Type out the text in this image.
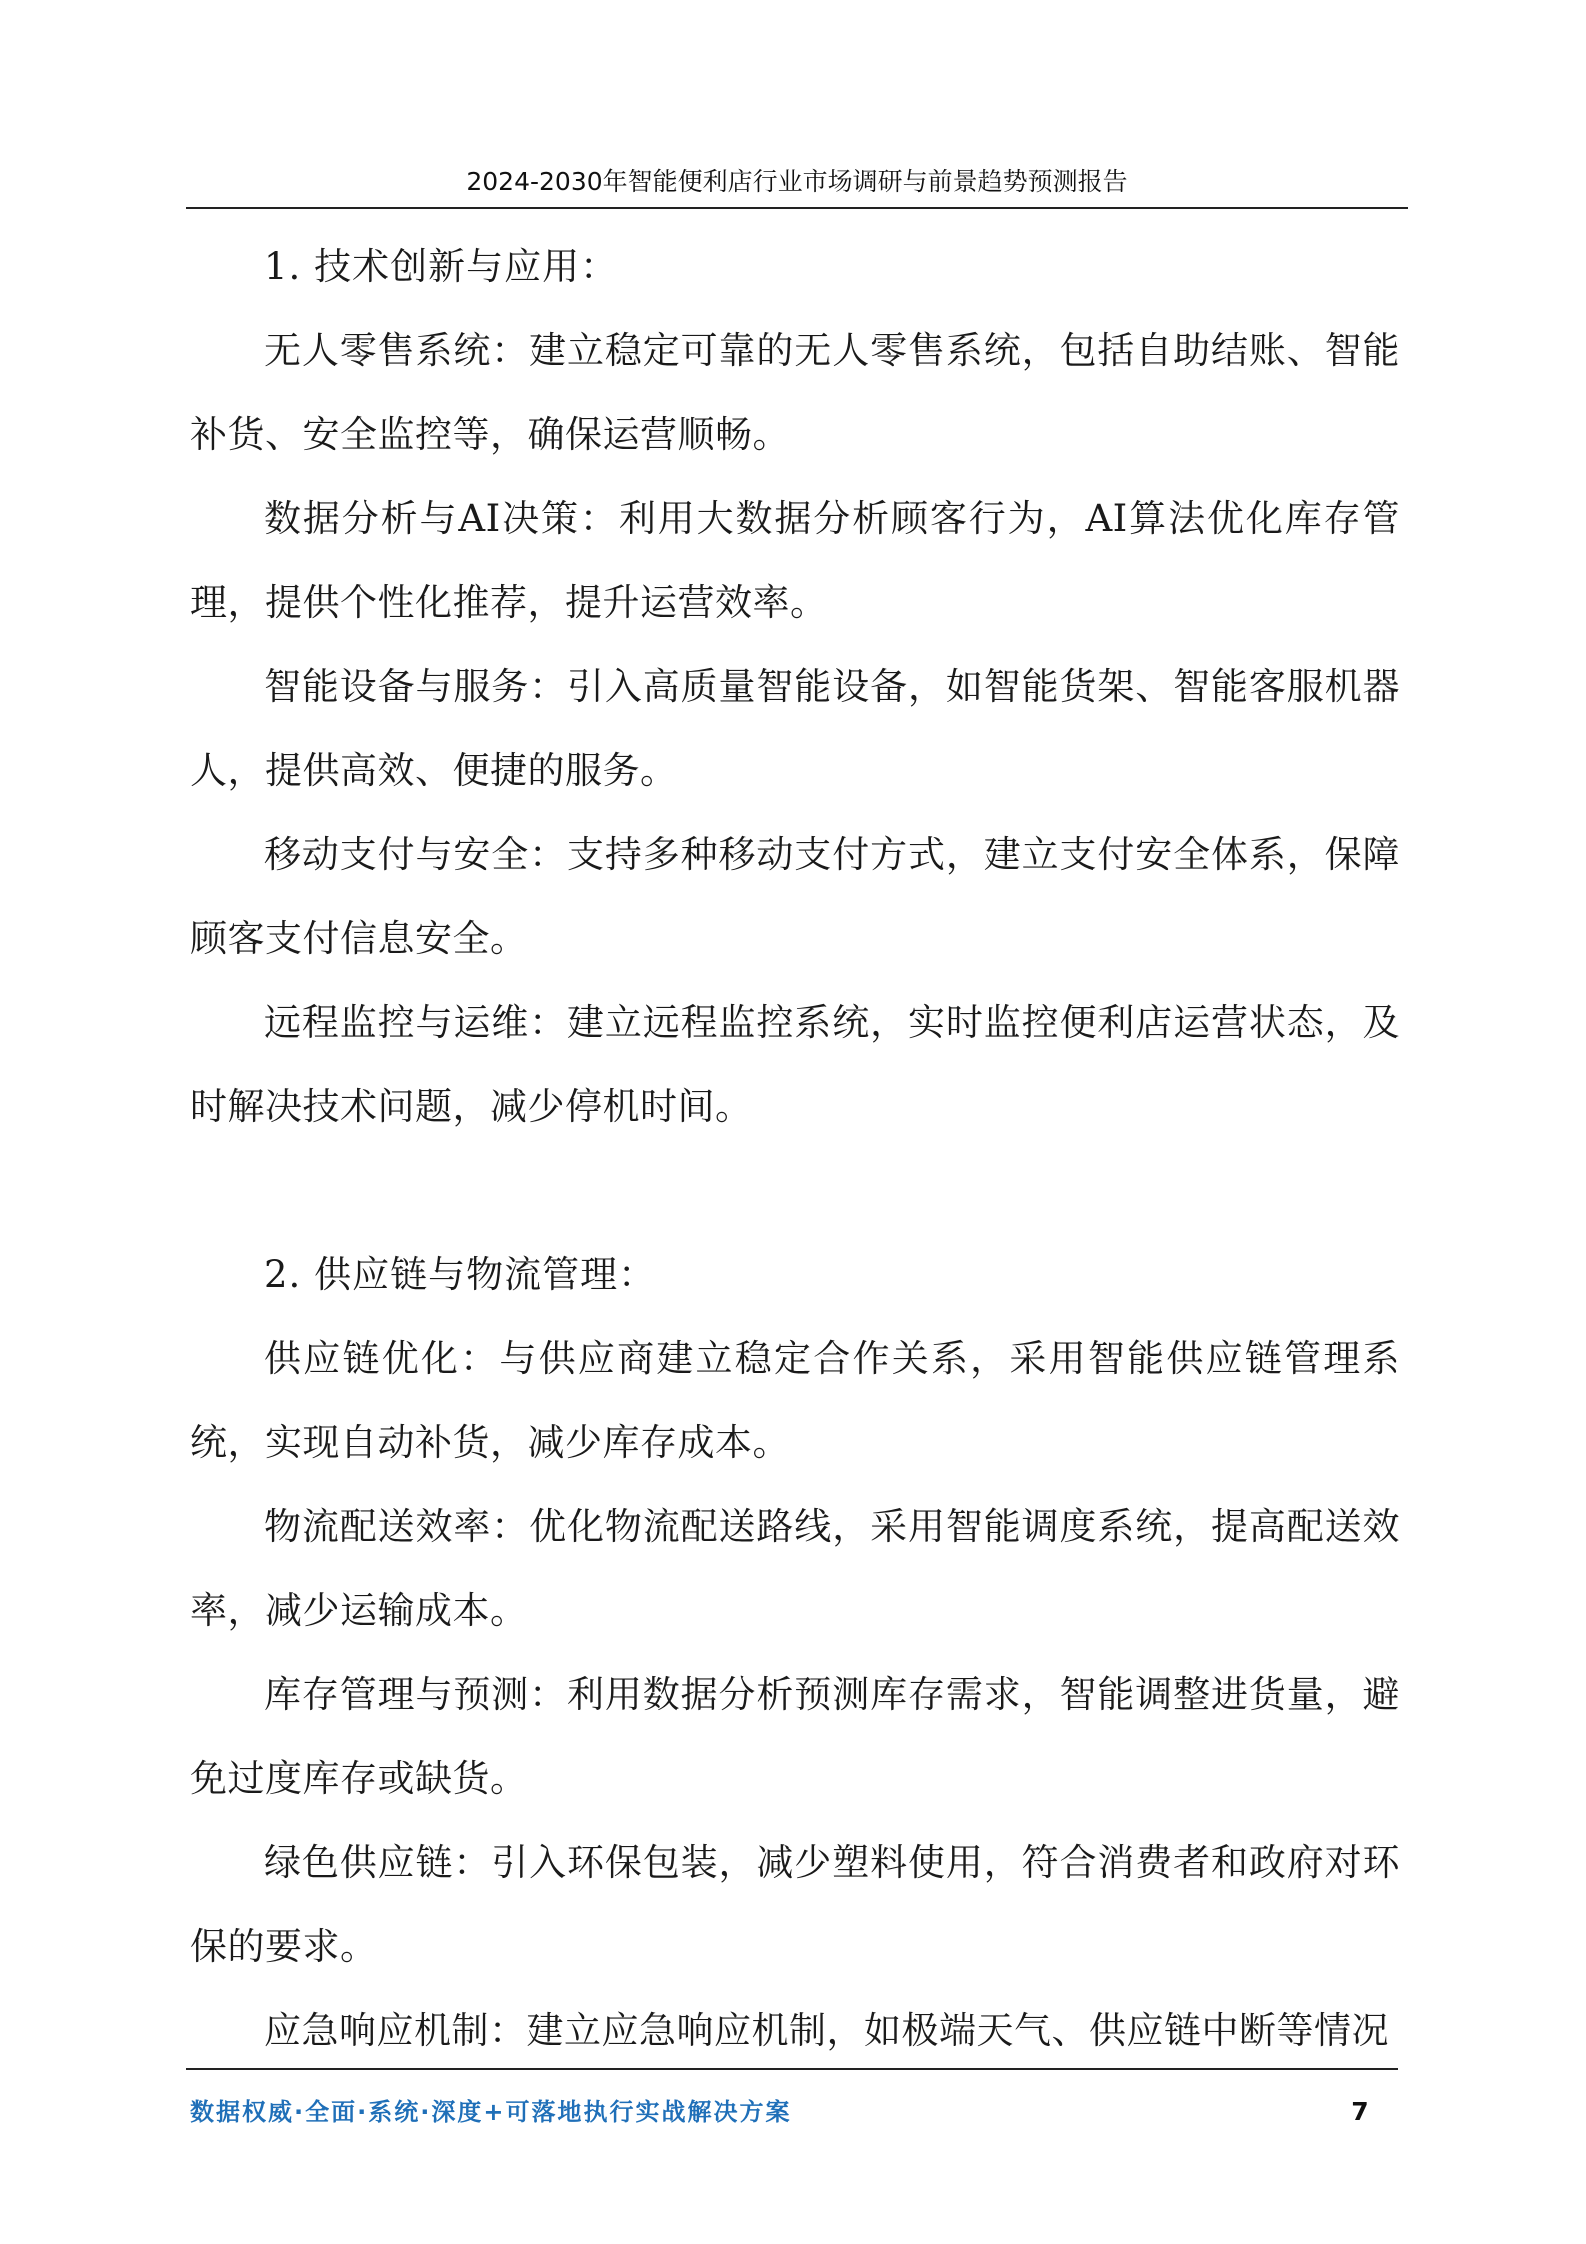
2024-2030年智能便利店行业市场调研与前景趋势预测报告

1. 技术创新与应用：

无人零售系统：建立稳定可靠的无人零售系统，包括自助结账、智能补货、安全监控等，确保运营顺畅。

数据分析与AI决策：利用大数据分析顾客行为，AI算法优化库存管理，提供个性化推荐，提升运营效率。

智能设备与服务：引入高质量智能设备，如智能货架、智能客服机器人，提供高效、便捷的服务。

移动支付与安全：支持多种移动支付方式，建立支付安全体系，保障顾客支付信息安全。

远程监控与运维：建立远程监控系统，实时监控便利店运营状态，及时解决技术问题，减少停机时间。

2. 供应链与物流管理：

供应链优化：与供应商建立稳定合作关系，采用智能供应链管理系统，实现自动补货，减少库存成本。

物流配送效率：优化物流配送路线，采用智能调度系统，提高配送效率，减少运输成本。

库存管理与预测：利用数据分析预测库存需求，智能调整进货量，避免过度库存或缺货。

绿色供应链：引入环保包装，减少塑料使用，符合消费者和政府对环保的要求。

应急响应机制：建立应急响应机制，如极端天气、供应链中断等情况

数据权威·全面·系统·深度+可落地执行实战解决方案	7
